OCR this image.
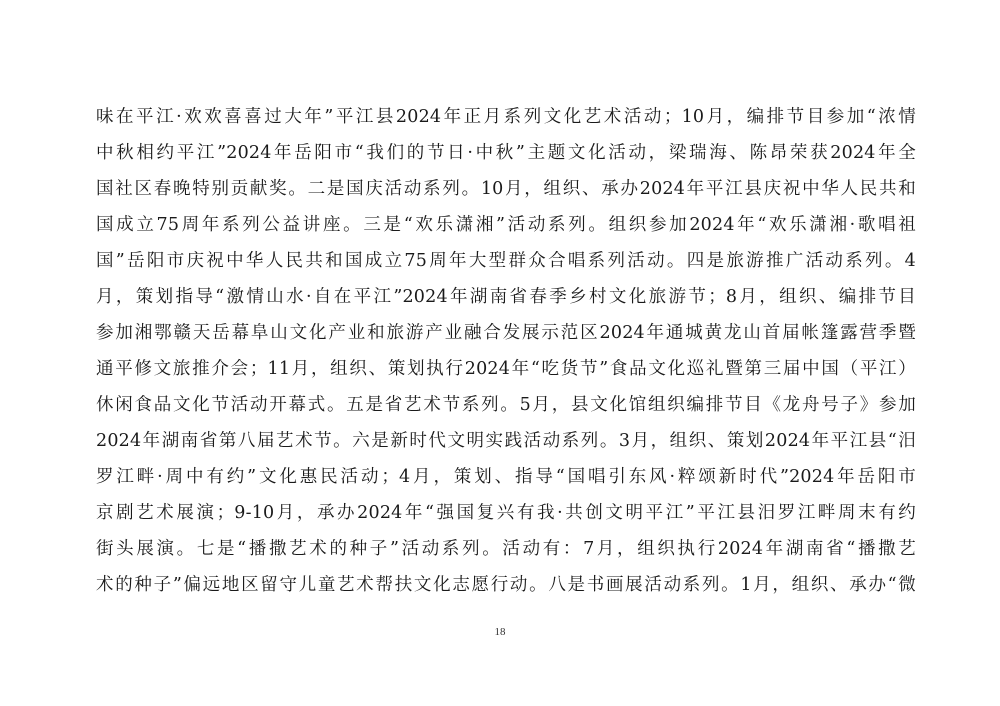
味在平江·欢欢喜喜过大年”平江县2024年正月系列文化艺术活动；10月，编排节目参加“浓情
中秋相约平江”2024年岳阳市“我们的节日·中秋”主题文化活动，梁瑞海、陈昂荣获2024年全
国社区春晚特别贡献奖。二是国庆活动系列。10月，组织、承办2024年平江县庆祝中华人民共和
国成立75周年系列公益讲座。三是“欢乐潇湘”活动系列。组织参加2024年“欢乐潇湘·歌唱祖
国”岳阳市庆祝中华人民共和国成立75周年大型群众合唱系列活动。四是旅游推广活动系列。4
月，策划指导“激情山水·自在平江”2024年湖南省春季乡村文化旅游节；8月，组织、编排节目
参加湘鄂赣天岳幕阜山文化产业和旅游产业融合发展示范区2024年通城黄龙山首届帐篷露营季暨
通平修文旅推介会；11月，组织、策划执行2024年“吃货节”食品文化巡礼暨第三届中国（平江）
休闲食品文化节活动开幕式。五是省艺术节系列。5月，县文化馆组织编排节目《龙舟号子》参加
2024年湖南省第八届艺术节。六是新时代文明实践活动系列。3月，组织、策划2024年平江县“汨
罗江畔·周中有约”文化惠民活动；4月，策划、指导“国唱引东风·粹颂新时代”2024年岳阳市
京剧艺术展演；9-10月，承办2024年“强国复兴有我·共创文明平江”平江县汨罗江畔周末有约
街头展演。七是“播撒艺术的种子”活动系列。活动有：7月，组织执行2024年湖南省“播撒艺
术的种子”偏远地区留守儿童艺术帮扶文化志愿行动。八是书画展活动系列。1月，组织、承办“微
18
